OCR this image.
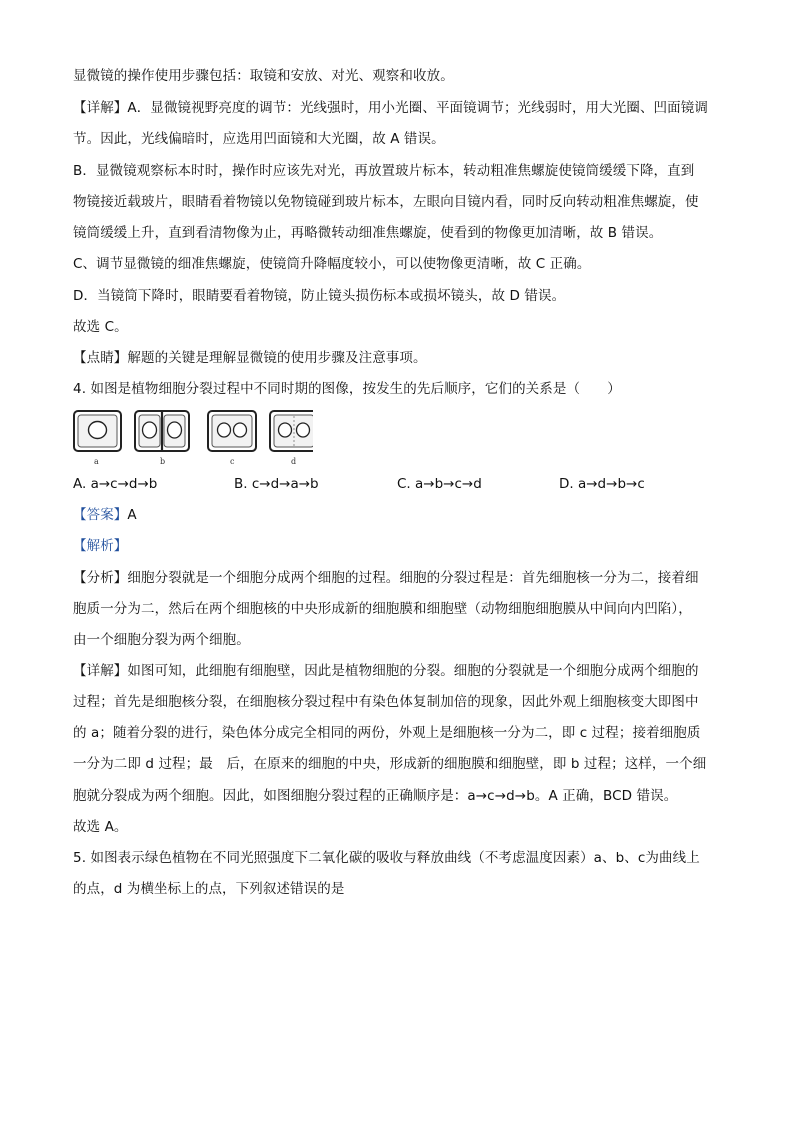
显微镜的操作使用步骤包括：取镜和安放、对光、观察和收放。
【详解】A．显微镜视野亮度的调节：光线强时，用小光圈、平面镜调节；光线弱时，用大光圈、凹面镜调
节。因此，光线偏暗时，应选用凹面镜和大光圈，故 A 错误。
B．显微镜观察标本时时，操作时应该先对光，再放置玻片标本，转动粗准焦螺旋使镜筒缓缓下降，直到
物镜接近载玻片，眼睛看着物镜以免物镜碰到玻片标本，左眼向目镜内看，同时反向转动粗准焦螺旋，使
镜筒缓缓上升，直到看清物像为止，再略微转动细准焦螺旋，使看到的物像更加清晰，故 B 错误。
C、调节显微镜的细准焦螺旋，使镜筒升降幅度较小，可以使物像更清晰，故 C 正确。
D．当镜筒下降时，眼睛要看着物镜，防止镜头损伤标本或损坏镜头，故 D 错误。
故选 C。
【点睛】解题的关键是理解显微镜的使用步骤及注意事项。
4. 如图是植物细胞分裂过程中不同时期的图像，按发生的先后顺序，它们的关系是（　　）
a	b	c	d
A. a→c→d→b	B. c→d→a→b	C. a→b→c→d	D. a→d→b→c
【答案】A
【解析】
【分析】细胞分裂就是一个细胞分成两个细胞的过程。细胞的分裂过程是：首先细胞核一分为二，接着细
胞质一分为二，然后在两个细胞核的中央形成新的细胞膜和细胞壁（动物细胞细胞膜从中间向内凹陷），
由一个细胞分裂为两个细胞。
【详解】如图可知，此细胞有细胞壁，因此是植物细胞的分裂。细胞的分裂就是一个细胞分成两个细胞的
过程；首先是细胞核分裂，在细胞核分裂过程中有染色体复制加倍的现象，因此外观上细胞核变大即图中
的 a；随着分裂的进行，染色体分成完全相同的两份，外观上是细胞核一分为二，即 c 过程；接着细胞质
一分为二即 d 过程；最　后，在原来的细胞的中央，形成新的细胞膜和细胞壁，即 b 过程；这样，一个细
胞就分裂成为两个细胞。因此，如图细胞分裂过程的正确顺序是：a→c→d→b。A 正确，BCD 错误。
故选 A。
5. 如图表示绿色植物在不同光照强度下二氧化碳的吸收与释放曲线（不考虑温度因素）a、b、c为曲线上
的点，d 为横坐标上的点，下列叙述错误的是
